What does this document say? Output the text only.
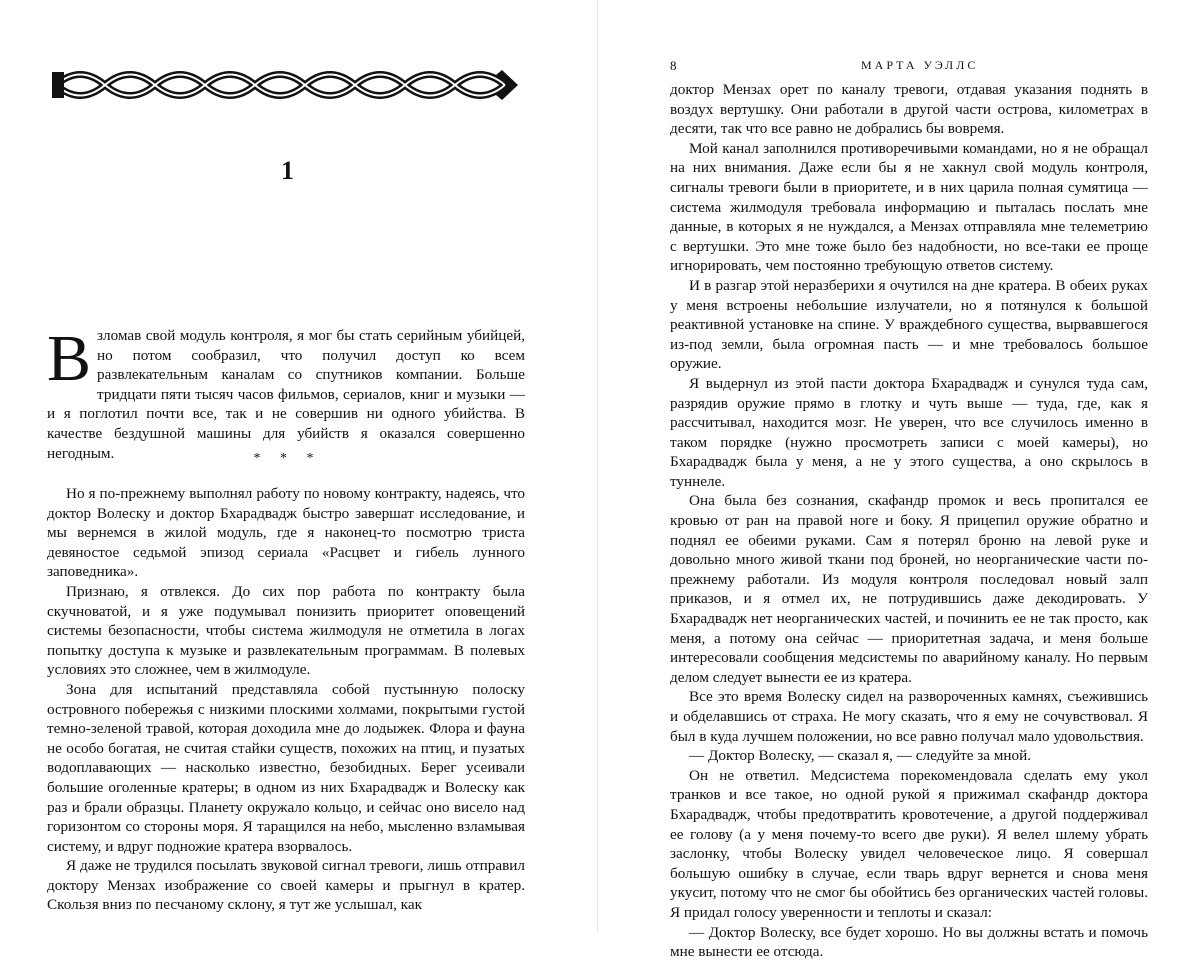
1

Взломав свой модуль контроля, я мог бы стать серийным убийцей, но потом сообразил, что получил доступ ко всем развлекательным каналам со спутников компании. Больше тридцати пяти тысяч часов фильмов, сериалов, книг и музыки — и я поглотил почти все, так и не совершив ни одного убийства. В качестве бездушной машины для убийств я оказался совершенно негодным.	* * *

Но я по-прежнему выполнял работу по новому контракту, надеясь, что доктор Волеску и доктор Бхарадвадж быстро завершат исследование, и мы вернемся в жилой модуль, где я наконец-то посмотрю триста девяностое седьмой эпизод сериала «Расцвет и гибель лунного заповедника».

Признаю, я отвлекся. До сих пор работа по контракту была скучноватой, и я уже подумывал понизить приоритет оповещений системы безопасности, чтобы система жилмодуля не отметила в логах попытку доступа к музыке и развлекательным программам. В полевых условиях это сложнее, чем в жилмодуле.

Зона для испытаний представляла собой пустынную полоску островного побережья с низкими плоскими холмами, покрытыми густой темно-зеленой травой, которая доходила мне до лодыжек. Флора и фауна не особо богатая, не считая стайки существ, похожих на птиц, и пузатых водоплавающих — насколько известно, безобидных. Берег усеивали большие оголенные кратеры; в одном из них Бхарадвадж и Волеску как раз и брали образцы. Планету окружало кольцо, и сейчас оно висело над горизонтом со стороны моря. Я таращился на небо, мысленно взламывая систему, и вдруг подножие кратера взорвалось.

Я даже не трудился посылать звуковой сигнал тревоги, лишь отправил доктору Мензах изображение со своей камеры и прыгнул в кратер. Скользя вниз по песчаному склону, я тут же услышал, как

8	МАРТА УЭЛЛС

доктор Мензах орет по каналу тревоги, отдавая указания поднять в воздух вертушку. Они работали в другой части острова, километрах в десяти, так что все равно не добрались бы вовремя.

Мой канал заполнился противоречивыми командами, но я не обращал на них внимания. Даже если бы я не хакнул свой модуль контроля, сигналы тревоги были в приоритете, и в них царила полная сумятица — система жилмодуля требовала информацию и пыталась послать мне данные, в которых я не нуждался, а Мензах отправляла мне телеметрию с вертушки. Это мне тоже было без надобности, но все-таки ее проще игнорировать, чем постоянно требующую ответов систему.

И в разгар этой неразберихи я очутился на дне кратера. В обеих руках у меня встроены небольшие излучатели, но я потянулся к большой реактивной установке на спине. У враждебного существа, вырвавшегося из-под земли, была огромная пасть — и мне требовалось большое оружие.

Я выдернул из этой пасти доктора Бхарадвадж и сунулся туда сам, разрядив оружие прямо в глотку и чуть выше — туда, где, как я рассчитывал, находится мозг. Не уверен, что все случилось именно в таком порядке (нужно просмотреть записи с моей камеры), но Бхарадвадж была у меня, а не у этого существа, а оно скрылось в туннеле.

Она была без сознания, скафандр промок и весь пропитался ее кровью от ран на правой ноге и боку. Я прицепил оружие обратно и поднял ее обеими руками. Сам я потерял броню на левой руке и довольно много живой ткани под броней, но неорганические части по-прежнему работали. Из модуля контроля последовал новый залп приказов, и я отмел их, не потрудившись даже декодировать. У Бхарадвадж нет неорганических частей, и починить ее не так просто, как меня, а потому она сейчас — приоритетная задача, и меня больше интересовали сообщения медсистемы по аварийному каналу. Но первым делом следует вынести ее из кратера.

Все это время Волеску сидел на развороченных камнях, съежившись и обделавшись от страха. Не могу сказать, что я ему не сочувствовал. Я был в куда лучшем положении, но все равно получал мало удовольствия.

— Доктор Волеску, — сказал я, — следуйте за мной.

Он не ответил. Медсистема порекомендовала сделать ему укол транков и все такое, но одной рукой я прижимал скафандр доктора Бхарадвадж, чтобы предотвратить кровотечение, а другой поддерживал ее голову (а у меня почему-то всего две руки). Я велел шлему убрать заслонку, чтобы Волеску увидел человеческое лицо. Я совершал большую ошибку в случае, если тварь вдруг вернется и снова меня укусит, потому что не смог бы обойтись без органических частей головы. Я придал голосу уверенности и теплоты и сказал:

— Доктор Волеску, все будет хорошо. Но вы должны встать и помочь мне вынести ее отсюда.
